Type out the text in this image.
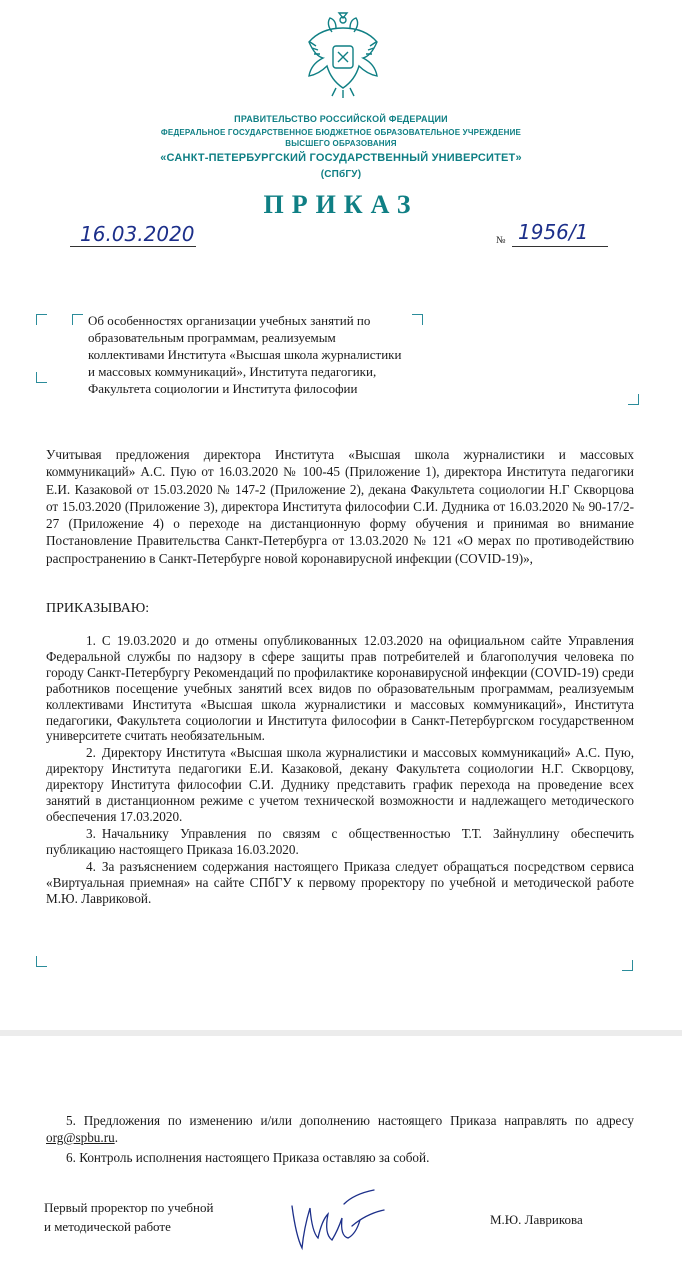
ПРАВИТЕЛЬСТВО РОССИЙСКОЙ ФЕДЕРАЦИИ
ФЕДЕРАЛЬНОЕ ГОСУДАРСТВЕННОЕ БЮДЖЕТНОЕ ОБРАЗОВАТЕЛЬНОЕ УЧРЕЖДЕНИЕ
ВЫСШЕГО ОБРАЗОВАНИЯ
«САНКТ-ПЕТЕРБУРГСКИЙ ГОСУДАРСТВЕННЫЙ УНИВЕРСИТЕТ»
(СПбГУ)
ПРИКАЗ
16.03.2020	№ 1956/1
Об особенностях организации учебных занятий по образовательным программам, реализуемым коллективами Института «Высшая школа журналистики и массовых коммуникаций», Института педагогики, Факультета социологии и Института философии
Учитывая предложения директора Института «Высшая школа журналистики и массовых коммуникаций» А.С. Пую от 16.03.2020 № 100-45 (Приложение 1), директора Института педагогики Е.И. Казаковой от 15.03.2020 № 147-2 (Приложение 2), декана Факультета социологии Н.Г Скворцова от 15.03.2020 (Приложение 3), директора Института философии С.И. Дудника от 16.03.2020 № 90-17/2-27 (Приложение 4) о переходе на дистанционную форму обучения и принимая во внимание Постановление Правительства Санкт-Петербурга от 13.03.2020 № 121 «О мерах по противодействию распространению в Санкт-Петербурге новой коронавирусной инфекции (COVID-19)»,
ПРИКАЗЫВАЮ:

1. С 19.03.2020 и до отмены опубликованных 12.03.2020 на официальном сайте Управления Федеральной службы по надзору в сфере защиты прав потребителей и благополучия человека по городу Санкт-Петербургу Рекомендаций по профилактике коронавирусной инфекции (COVID-19) среди работников посещение учебных занятий всех видов по образовательным программам, реализуемым коллективами Института «Высшая школа журналистики и массовых коммуникаций», Института педагогики, Факультета социологии и Института философии в Санкт-Петербургском государственном университете считать необязательным.

2. Директору Института «Высшая школа журналистики и массовых коммуникаций» А.С. Пую, директору Института педагогики Е.И. Казаковой, декану Факультета социологии Н.Г. Скворцову, директору Института философии С.И. Дуднику представить график перехода на проведение всех занятий в дистанционном режиме с учетом технической возможности и надлежащего методического обеспечения 17.03.2020.

3. Начальнику Управления по связям с общественностью Т.Т. Зайнуллину обеспечить публикацию настоящего Приказа 16.03.2020.

4. За разъяснением содержания настоящего Приказа следует обращаться посредством сервиса «Виртуальная приемная» на сайте СПбГУ к первому проректору по учебной и методической работе М.Ю. Лавриковой.

5. Предложения по изменению и/или дополнению настоящего Приказа направлять по адресу org@spbu.ru.

6. Контроль исполнения настоящего Приказа оставляю за собой.

Первый проректор по учебной
и методической работе	М.Ю. Лаврикова
